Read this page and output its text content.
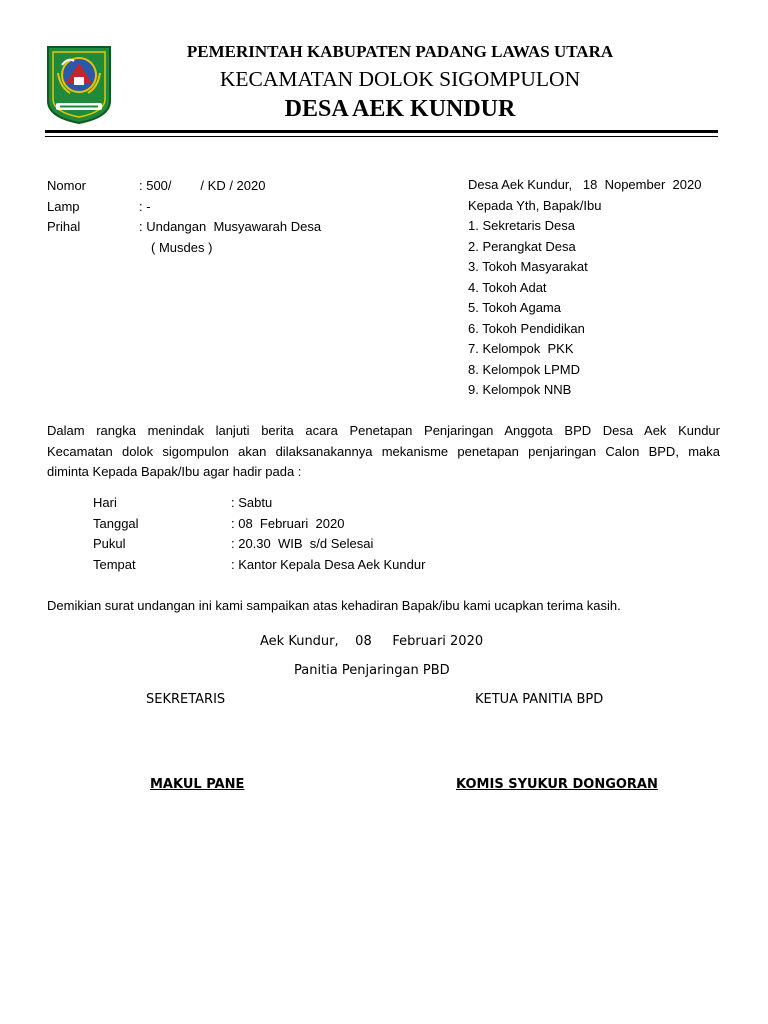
PEMERINTAH KABUPATEN PADANG LAWAS UTARA
KECAMATAN DOLOK SIGOMPULON
DESA AEK KUNDUR
Nomor	: 500/        / KD / 2020
Lamp	: -
Prihal	: Undangan  Musyawarah Desa
( Musdes )
Desa Aek Kundur,   18  Nopember  2020
Kepada Yth, Bapak/Ibu
1. Sekretaris Desa
2. Perangkat Desa
3. Tokoh Masyarakat
4. Tokoh Adat
5. Tokoh Agama
6. Tokoh Pendidikan
7. Kelompok  PKK
8. Kelompok LPMD
9. Kelompok NNB
Dalam rangka menindak lanjuti berita acara Penetapan Penjaringan Anggota BPD Desa Aek Kundur
Kecamatan dolok sigompulon akan dilaksanakannya mekanisme penetapan penjaringan Calon BPD, maka
diminta Kepada Bapak/Ibu agar hadir pada :
Hari	: Sabtu
Tanggal	: 08  Februari  2020
Pukul	: 20.30  WIB  s/d Selesai
Tempat	: Kantor Kepala Desa Aek Kundur
Demikian surat undangan ini kami sampaikan atas kehadiran Bapak/ibu kami ucapkan terima kasih.
Aek Kundur,    08     Februari 2020
Panitia Penjaringan PBD
SEKRETARIS	KETUA PANITIA BPD
MAKUL PANE	KOMIS SYUKUR DONGORAN
